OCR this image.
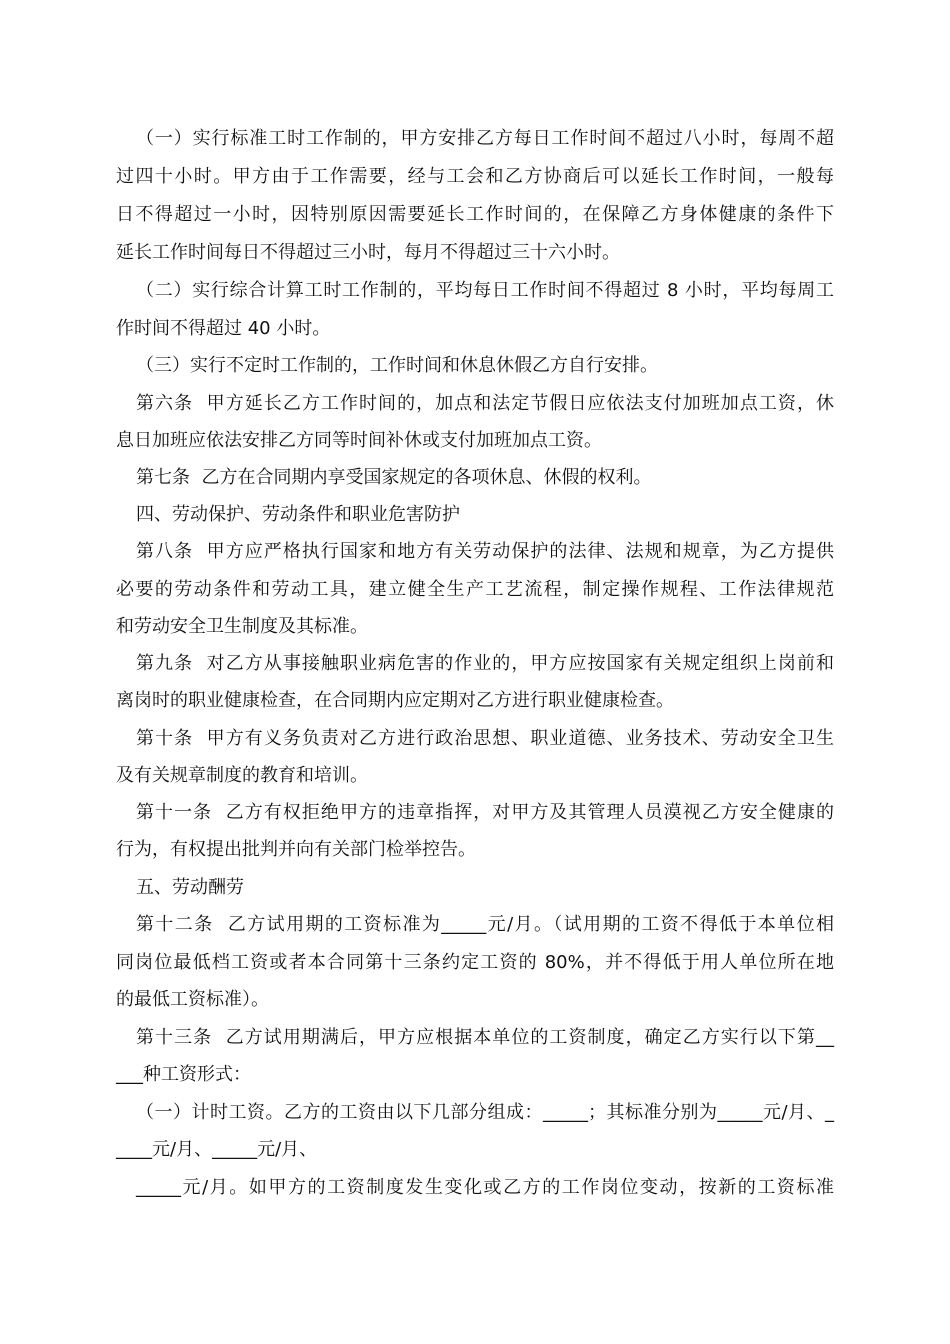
（一）实行标准工时工作制的，甲方安排乙方每日工作时间不超过八小时，每周不超
过四十小时。甲方由于工作需要，经与工会和乙方协商后可以延长工作时间，一般每
日不得超过一小时，因特别原因需要延长工作时间的，在保障乙方身体健康的条件下
延长工作时间每日不得超过三小时，每月不得超过三十六小时。
（二）实行综合计算工时工作制的，平均每日工作时间不得超过 8 小时，平均每周工
作时间不得超过 40 小时。
（三）实行不定时工作制的，工作时间和休息休假乙方自行安排。
第六条  甲方延长乙方工作时间的，加点和法定节假日应依法支付加班加点工资，休
息日加班应依法安排乙方同等时间补休或支付加班加点工资。
第七条  乙方在合同期内享受国家规定的各项休息、休假的权利。
四、劳动保护、劳动条件和职业危害防护
第八条  甲方应严格执行国家和地方有关劳动保护的法律、法规和规章，为乙方提供
必要的劳动条件和劳动工具，建立健全生产工艺流程，制定操作规程、工作法律规范
和劳动安全卫生制度及其标准。
第九条  对乙方从事接触职业病危害的作业的，甲方应按国家有关规定组织上岗前和
离岗时的职业健康检查，在合同期内应定期对乙方进行职业健康检查。
第十条  甲方有义务负责对乙方进行政治思想、职业道德、业务技术、劳动安全卫生
及有关规章制度的教育和培训。
第十一条  乙方有权拒绝甲方的违章指挥，对甲方及其管理人员漠视乙方安全健康的
行为，有权提出批判并向有关部门检举控告。
五、劳动酬劳
第十二条  乙方试用期的工资标准为_____元/月。（试用期的工资不得低于本单位相
同岗位最低档工资或者本合同第十三条约定工资的 80%，并不得低于用人单位所在地
的最低工资标准）。
第十三条  乙方试用期满后，甲方应根据本单位的工资制度，确定乙方实行以下第__
___种工资形式：
（一）计时工资。乙方的工资由以下几部分组成：_____；其标准分别为_____元/月、_
____元/月、_____元/月、
_____元/月。如甲方的工资制度发生变化或乙方的工作岗位变动，按新的工资标准
